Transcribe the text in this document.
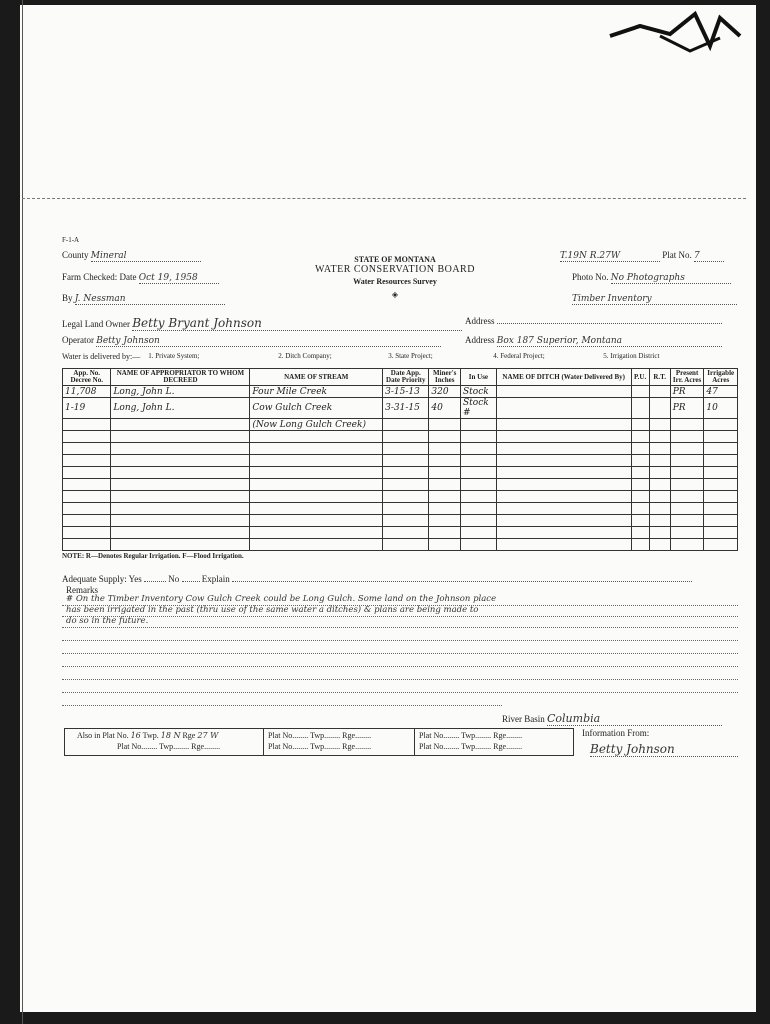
F-1-A
STATE OF MONTANA
WATER CONSERVATION BOARD
Water Resources Survey
◈
County Mineral
Farm Checked: Date Oct 19, 1958
By J. Nessman
T.19N R.27W	Plat No. 7
Photo No. No Photographs
Timber Inventory
Legal Land Owner Betty Bryant Johnson	Address
Operator Betty Johnson	Address Box 187 Superior, Montana
Water is delivered by:— 1. Private System;	2. Ditch Company;	3. State Project;	4. Federal Project;	5. Irrigation District
App. No. Decree No.	NAME OF APPROPRIATOR TO WHOM DECREED	NAME OF STREAM	Date App. Date Priority	Miner's Inches	In Use	NAME OF DITCH (Water Delivered By)	P.U.	R.T.	Present Irr. Acres	Irrigable Acres
11,708	Long, John L.	Four Mile Creek	3-15-13	320	Stock				PR	47
1-19	Long, John L.	Cow Gulch Creek	3-31-15	40	Stock #				PR	10
		(Now Long Gulch Creek)								

NOTE: R—Denotes Regular Irrigation. F—Flood Irrigation.
Adequate Supply: Yes	No	Explain
Remarks
# On the Timber Inventory Cow Gulch Creek could be Long Gulch. Some land on the Johnson place
has been irrigated in the past (thru use of the same water a ditches) & plans are being made to
do so in the future.
River Basin Columbia
Also in Plat No. 16 Twp. 18 N Rge 27 W
Plat No........ Twp........ Rge........
Plat No........ Twp........ Rge........
Plat No........ Twp........ Rge........
Plat No........ Twp........ Rge........
Plat No........ Twp........ Rge........
Information From:
Betty Johnson
